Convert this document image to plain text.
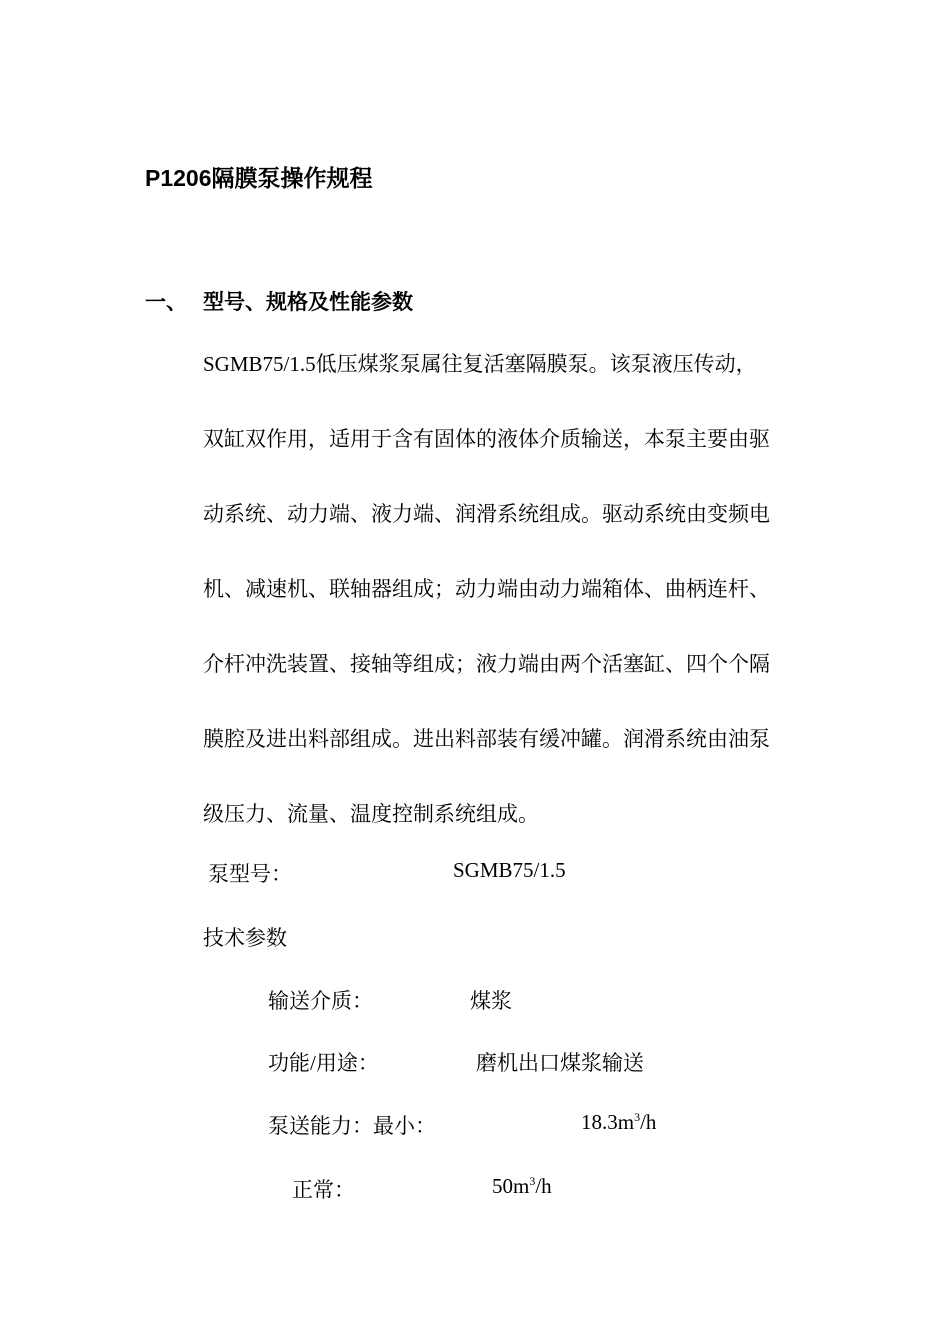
P1206隔膜泵操作规程
一、 型号、规格及性能参数
SGMB75/1.5低压煤浆泵属往复活塞隔膜泵。该泵液压传动，
双缸双作用，适用于含有固体的液体介质输送，本泵主要由驱
动系统、动力端、液力端、润滑系统组成。驱动系统由变频电
机、减速机、联轴器组成；动力端由动力端箱体、曲柄连杆、
介杆冲洗装置、接轴等组成；液力端由两个活塞缸、四个个隔
膜腔及进出料部组成。进出料部装有缓冲罐。润滑系统由油泵
级压力、流量、温度控制系统组成。
泵型号：	SGMB75/1.5
技术参数
输送介质：	煤浆
功能/用途：	磨机出口煤浆输送
泵送能力：最小：	$18.3m^3/h$
正常：	$50m^3/h$
